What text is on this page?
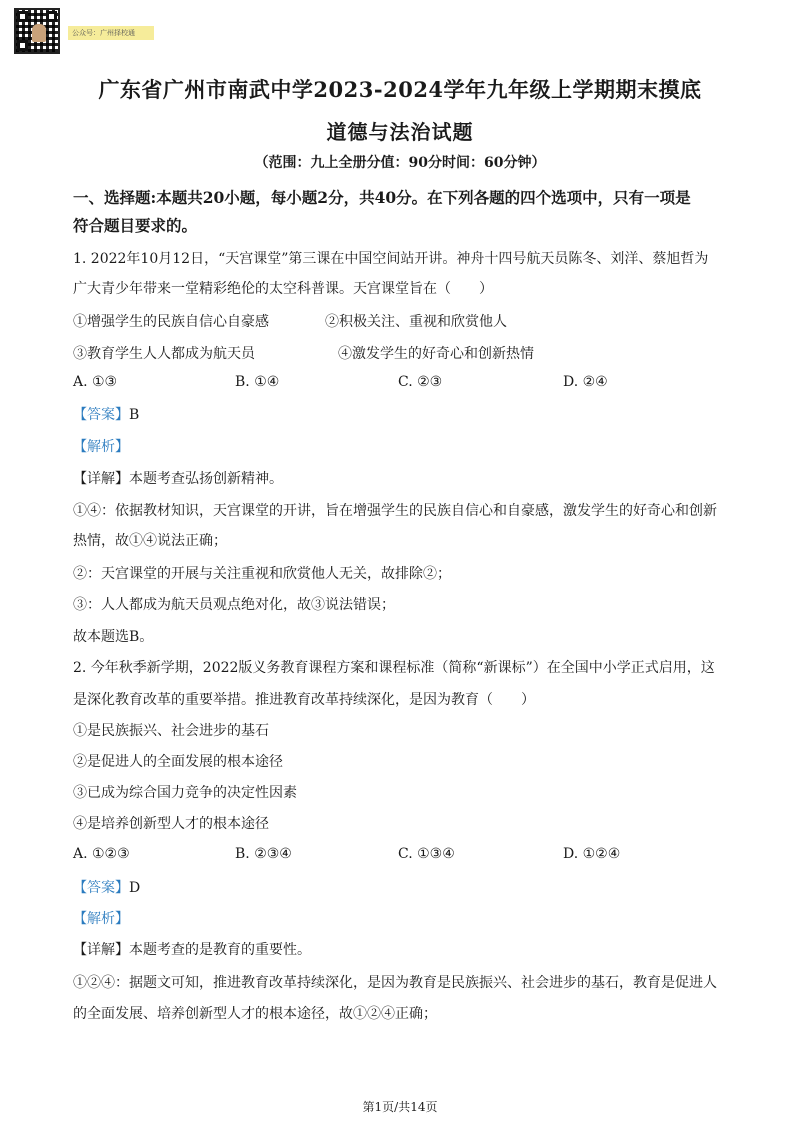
公众号：广州择校通
广东省广州市南武中学2023-2024学年九年级上学期期末摸底
道德与法治试题
（范围：九上全册分值：90分时间：60分钟）
一、选择题:本题共20小题，每小题2分，共40分。在下列各题的四个选项中，只有一项是
符合题目要求的。
1. 2022年10月12日，“天宫课堂”第三课在中国空间站开讲。神舟十四号航天员陈冬、刘洋、蔡旭哲为
广大青少年带来一堂精彩绝伦的太空科普课。天宫课堂旨在（　　）
①增强学生的民族自信心自豪感	②积极关注、重视和欣赏他人
③教育学生人人都成为航天员	④激发学生的好奇心和创新热情
A. ①③	B. ①④	C. ②③	D. ②④
【答案】B
【解析】
【详解】本题考查弘扬创新精神。
①④：依据教材知识，天宫课堂的开讲，旨在增强学生的民族自信心和自豪感，激发学生的好奇心和创新
热情，故①④说法正确；
②：天宫课堂的开展与关注重视和欣赏他人无关，故排除②；
③：人人都成为航天员观点绝对化，故③说法错误；
故本题选B。
2. 今年秋季新学期，2022版义务教育课程方案和课程标准（简称“新课标”）在全国中小学正式启用，这
是深化教育改革的重要举措。推进教育改革持续深化，是因为教育（　　）
①是民族振兴、社会进步的基石
②是促进人的全面发展的根本途径
③已成为综合国力竞争的决定性因素
④是培养创新型人才的根本途径
A. ①②③	B. ②③④	C. ①③④	D. ①②④
【答案】D
【解析】
【详解】本题考查的是教育的重要性。
①②④：据题文可知，推进教育改革持续深化，是因为教育是民族振兴、社会进步的基石，教育是促进人
的全面发展、培养创新型人才的根本途径，故①②④正确；
第1页/共14页
